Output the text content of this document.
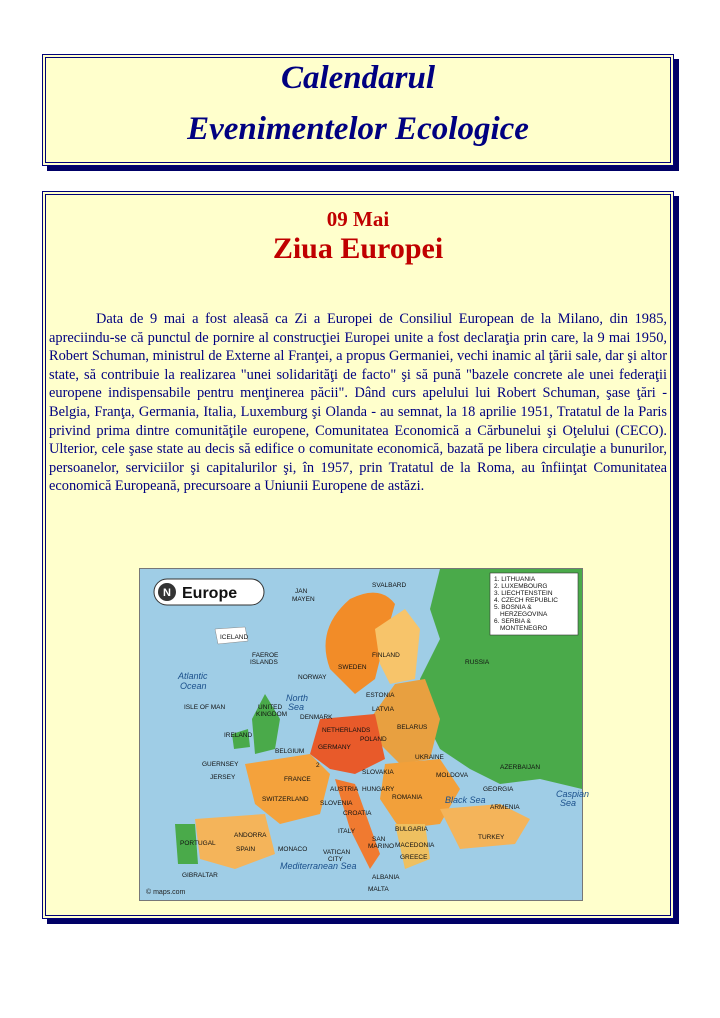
Calendarul
Evenimentelor Ecologice
09 Mai
Ziua Europei

Data de 9 mai a fost aleasă ca Zi a Europei de Consiliul European de la Milano, din 1985, apreciindu-se că punctul de pornire al construcţiei Europei unite a fost declaraţia prin care, la 9 mai 1950, Robert Schuman, ministrul de Externe al Franţei, a propus Germaniei, vechi inamic al ţării sale, dar şi altor state, să contribuie la realizarea "unei solidarităţi de facto" şi să pună "bazele concrete ale unei federaţii europene indispensabile pentru menţinerea păcii". Dând curs apelului lui Robert Schuman, şase ţări - Belgia, Franţa, Germania, Italia, Luxemburg şi Olanda - au semnat, la 18 aprilie 1951, Tratatul de la Paris privind prima dintre comunităţile europene, Comunitatea Economică a Cărbunelui şi Oţelului (CECO). Ulterior, cele şase state au decis să edifice o comunitate economică, bazată pe libera circulaţie a bunurilor, persoanelor, serviciilor şi capitalurilor şi, în 1957, prin Tratatul de la Roma, au înfiinţat Comunitatea economică Europeană, precursoare a Uniunii Europene de astăzi.

N Europe
1. LITHUANIA
2. LUXEMBOURG
3. LIECHTENSTEIN
4. CZECH REPUBLIC
5. BOSNIA &
HERZEGOVINA
6. SERBIA &
MONTENEGRO
Atlantic
Ocean
North
Sea
Black Sea
Caspian
Sea
Mediterranean Sea
SVALBARD
JAN
MAYEN
ICELAND
FAEROE
ISLANDS
NORWAY
SWEDEN
FINLAND
RUSSIA
ESTONIA
LATVIA
BELARUS
UKRAINE
POLAND
GERMANY
DENMARK
NETHERLANDS
BELGIUM
UNITED
KINGDOM
ISLE OF MAN
IRELAND
GUERNSEY
JERSEY	FRANCE
SWITZERLAND
AUSTRIA
SLOVAKIA
HUNGARY
ROMANIA
MOLDOVA
SLOVENIA
CROATIA
BULGARIA
GEORGIA
AZERBAIJAN
ARMENIA
TURKEY
GREECE
MACEDONIA
ALBANIA
ITALY
SAN
MARINO
VATICAN
CITY
MONACO
ANDORRA
SPAIN
PORTUGAL
GIBRALTAR
MALTA
2
© maps.com
